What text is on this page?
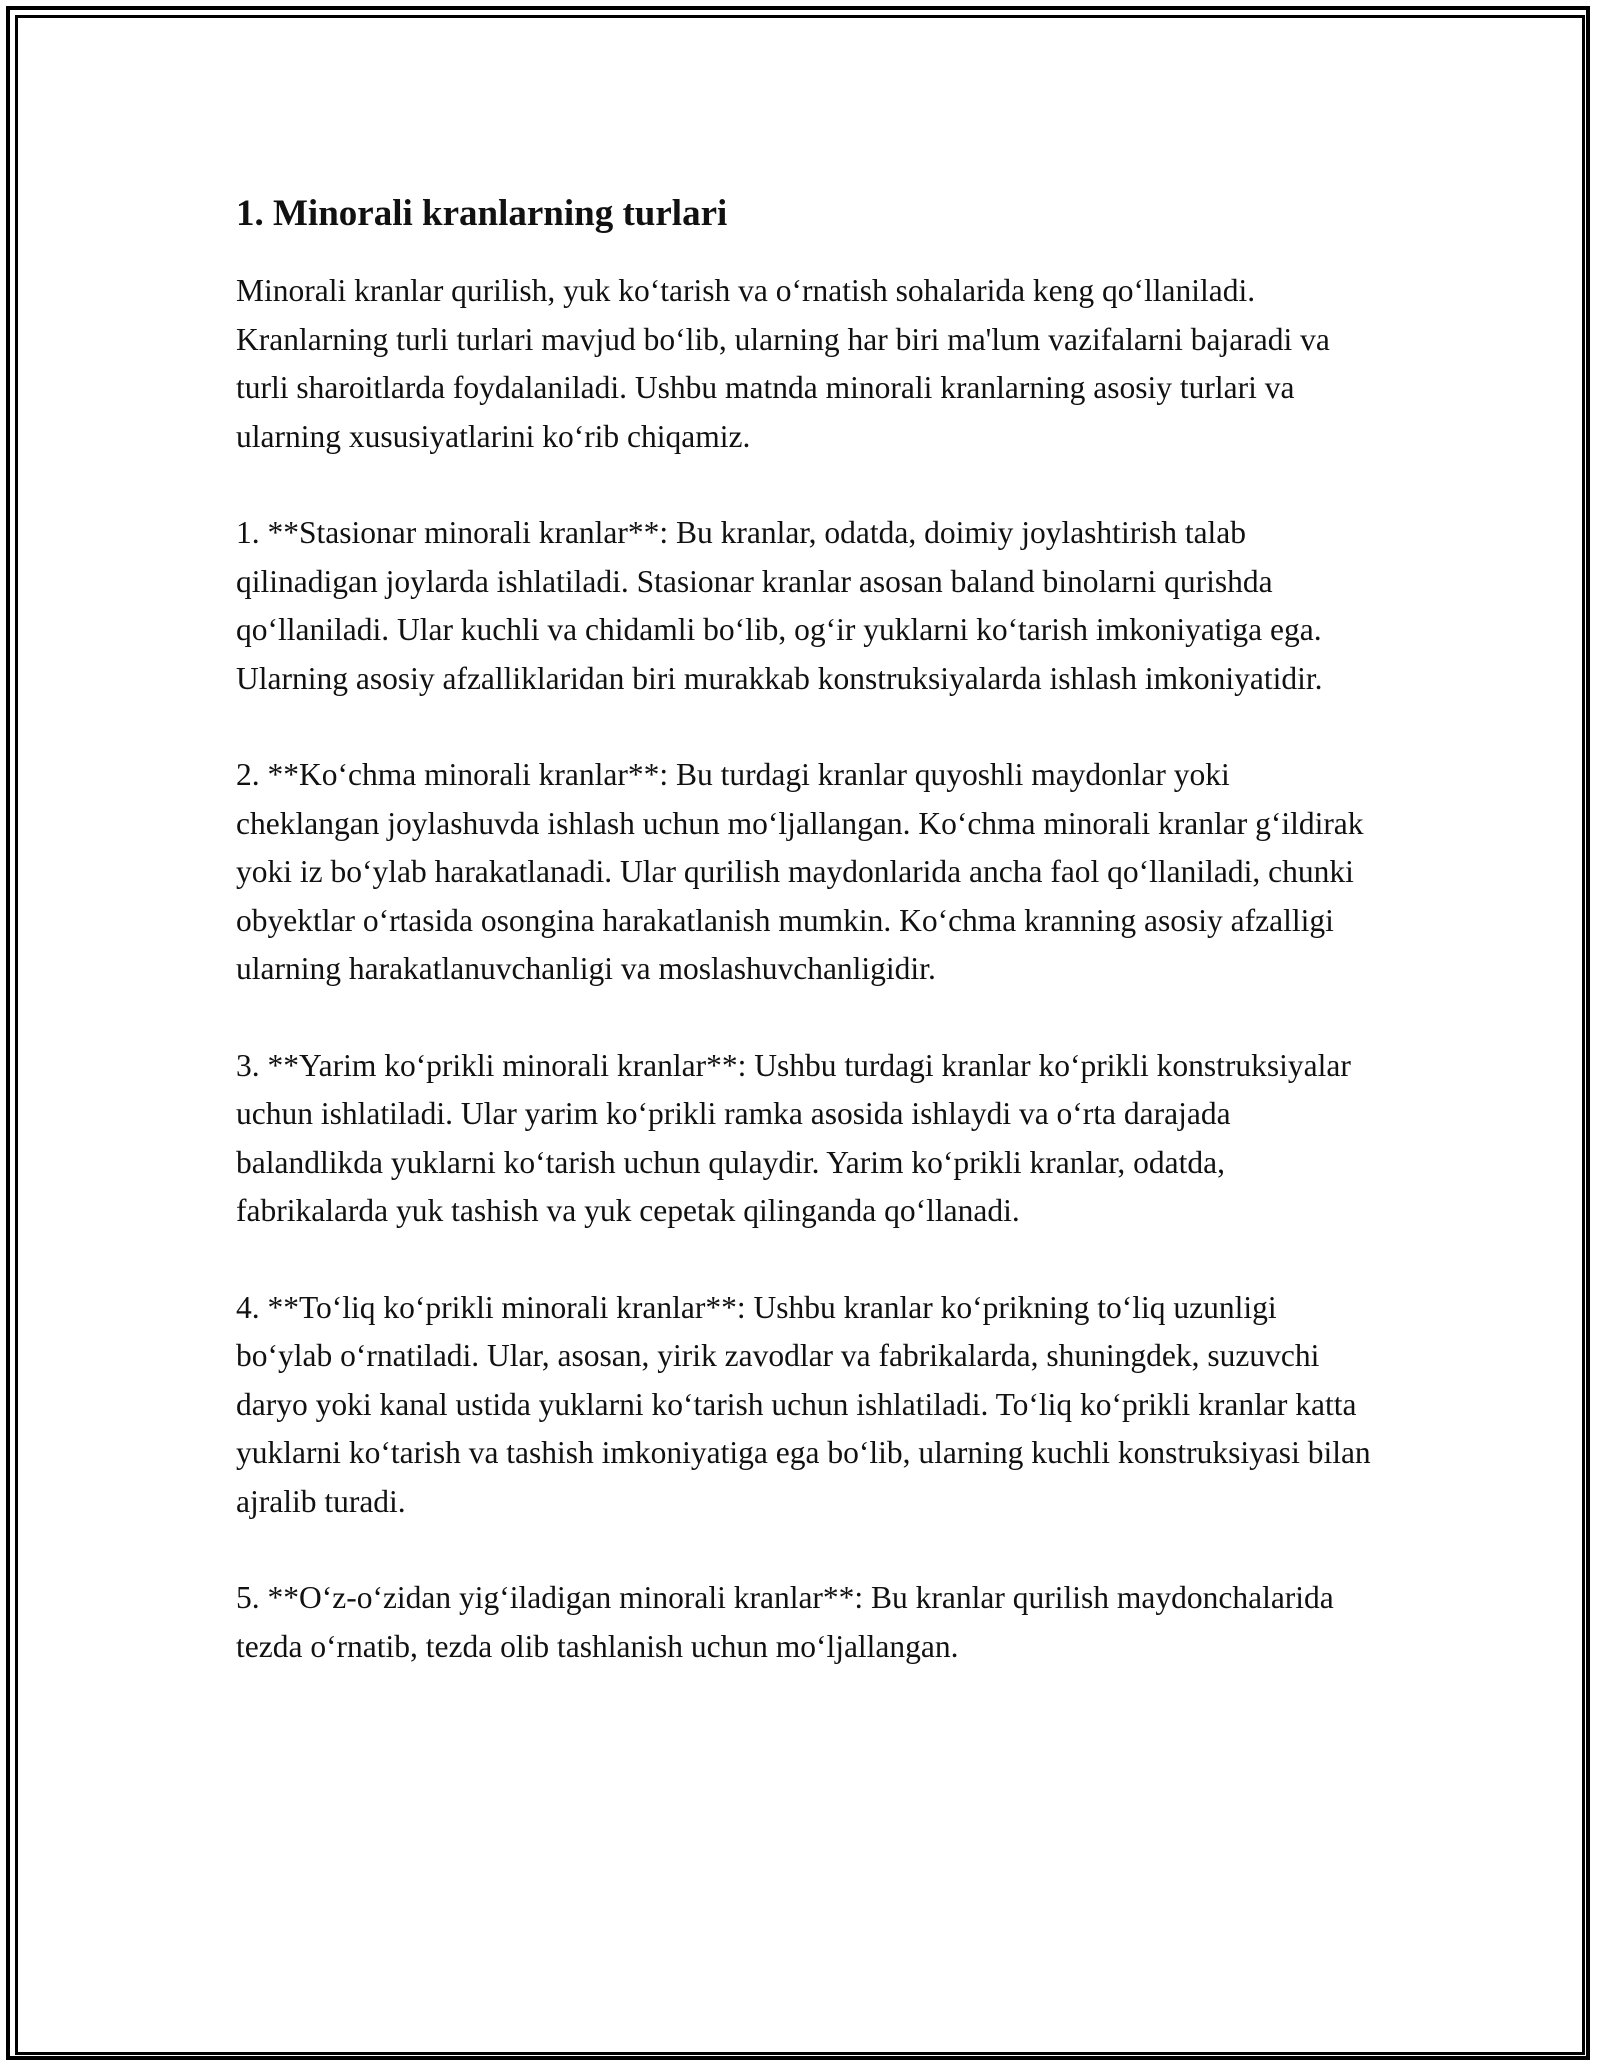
1. Minorali kranlarning turlari

Minorali kranlar qurilish, yuk koʻtarish va oʻrnatish sohalarida keng qoʻllaniladi. Kranlarning turli turlari mavjud boʻlib, ularning har biri ma'lum vazifalarni bajaradi va turli sharoitlarda foydalaniladi. Ushbu matnda minorali kranlarning asosiy turlari va ularning xususiyatlarini koʻrib chiqamiz.

1. **Stasionar minorali kranlar**: Bu kranlar, odatda, doimiy joylashtirish talab qilinadigan joylarda ishlatiladi. Stasionar kranlar asosan baland binolarni qurishda qoʻllaniladi. Ular kuchli va chidamli boʻlib, ogʻir yuklarni koʻtarish imkoniyatiga ega. Ularning asosiy afzalliklaridan biri murakkab konstruksiyalarda ishlash imkoniyatidir.

2. **Koʻchma minorali kranlar**: Bu turdagi kranlar quyoshli maydonlar yoki cheklangan joylashuvda ishlash uchun moʻljallangan. Koʻchma minorali kranlar gʻildirak yoki iz boʻylab harakatlanadi. Ular qurilish maydonlarida ancha faol qoʻllaniladi, chunki obyektlar oʻrtasida osongina harakatlanish mumkin. Koʻchma kranning asosiy afzalligi ularning harakatlanuvchanligi va moslashuvchanligidir.

3. **Yarim koʻprikli minorali kranlar**: Ushbu turdagi kranlar koʻprikli konstruksiyalar uchun ishlatiladi. Ular yarim koʻprikli ramka asosida ishlaydi va oʻrta darajada balandlikda yuklarni koʻtarish uchun qulaydir. Yarim koʻprikli kranlar, odatda, fabrikalarda yuk tashish va yuk cepetak qilinganda qoʻllanadi.

4. **Toʻliq koʻprikli minorali kranlar**: Ushbu kranlar koʻprikning toʻliq uzunligi boʻylab oʻrnatiladi. Ular, asosan, yirik zavodlar va fabrikalarda, shuningdek, suzuvchi daryo yoki kanal ustida yuklarni koʻtarish uchun ishlatiladi. Toʻliq koʻprikli kranlar katta yuklarni koʻtarish va tashish imkoniyatiga ega boʻlib, ularning kuchli konstruksiyasi bilan ajralib turadi.

5. **Oʻz-oʻzidan yigʻiladigan minorali kranlar**: Bu kranlar qurilish maydonchalarida tezda oʻrnatib, tezda olib tashlanish uchun moʻljallangan.
